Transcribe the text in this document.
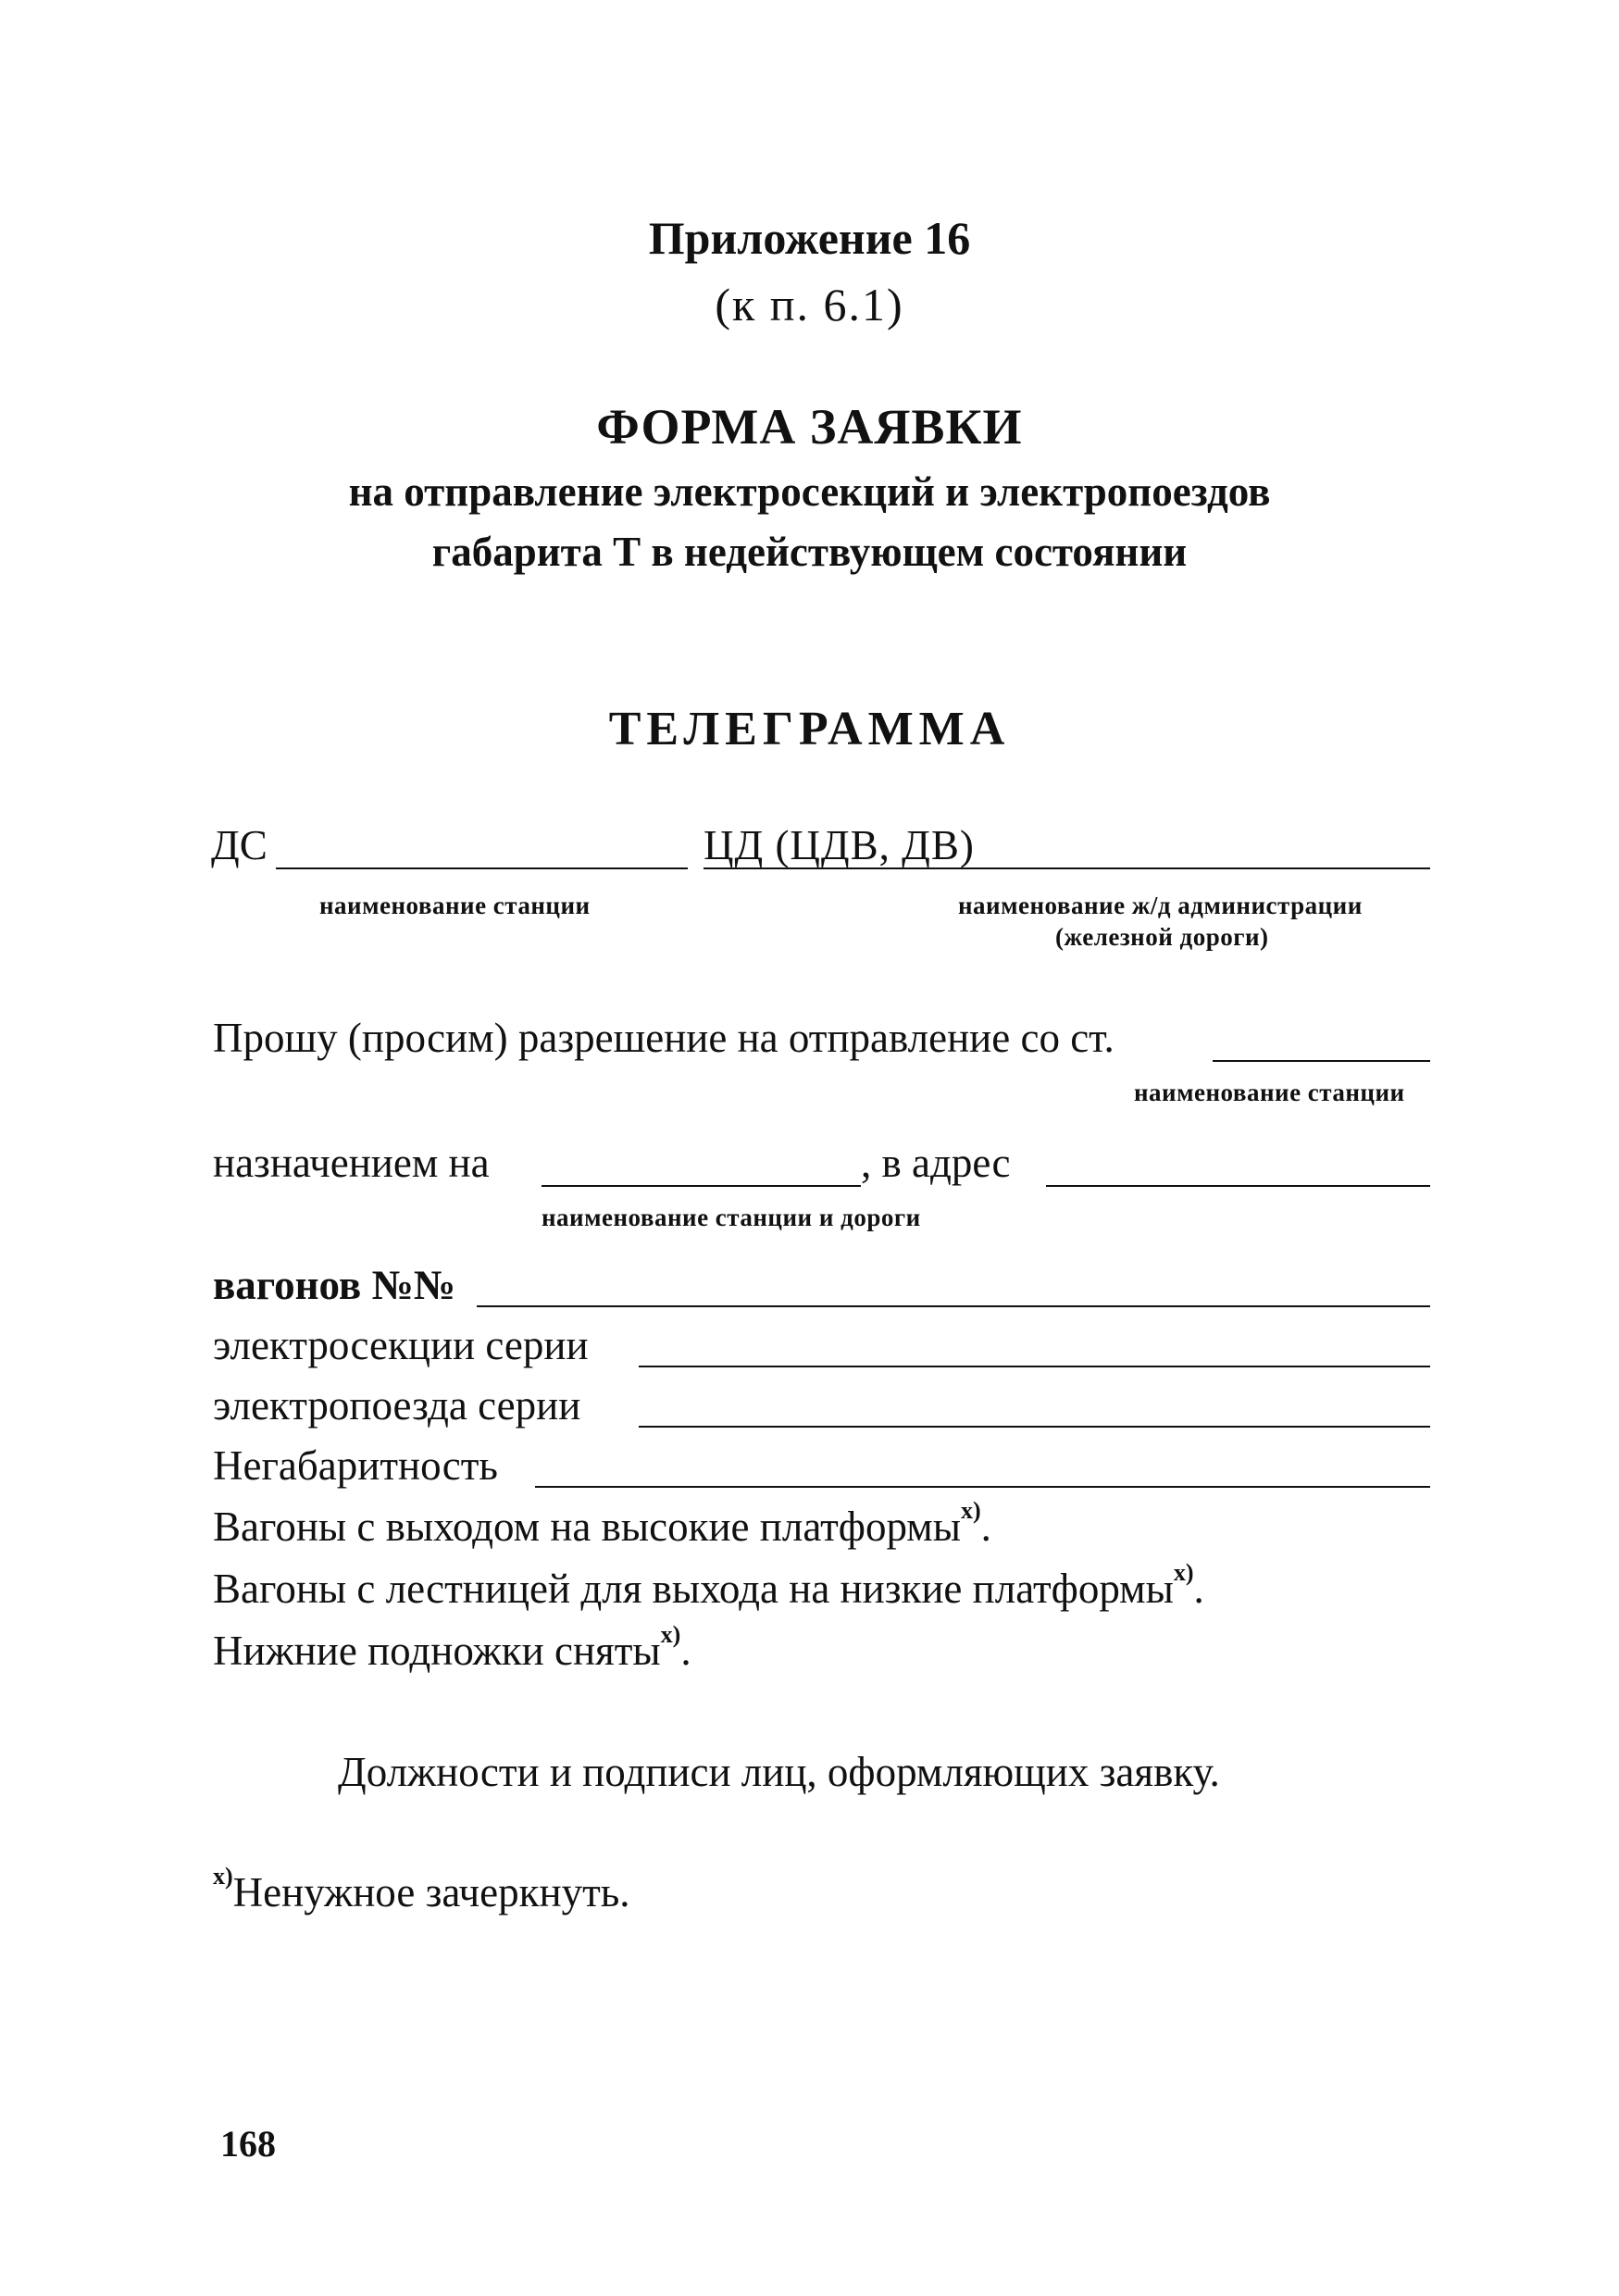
Приложение 16
(к п. 6.1)
ФОРМА ЗАЯВКИ
на отправление электросекций и электропоездов
габарита Т в недействующем состоянии
ТЕЛЕГРАММА
ДС	ЦД (ЦДВ, ДВ)
наименование станции	наименование ж/д администрации
(железной дороги)
Прошу (просим) разрешение на отправление со ст.
наименование станции
назначением на	, в адрес
наименование станции и дороги
вагонов №№
электросекции серии
электропоезда серии
Негабаритность
Вагоны с выходом на высокие платформы$^{x)}$.
Вагоны с лестницей для выхода на низкие платформы$^{x)}$.
Нижние подножки сняты$^{x)}$.
Должности и подписи лиц, оформляющих заявку.
$^{x)}$Ненужное зачеркнуть.
168
